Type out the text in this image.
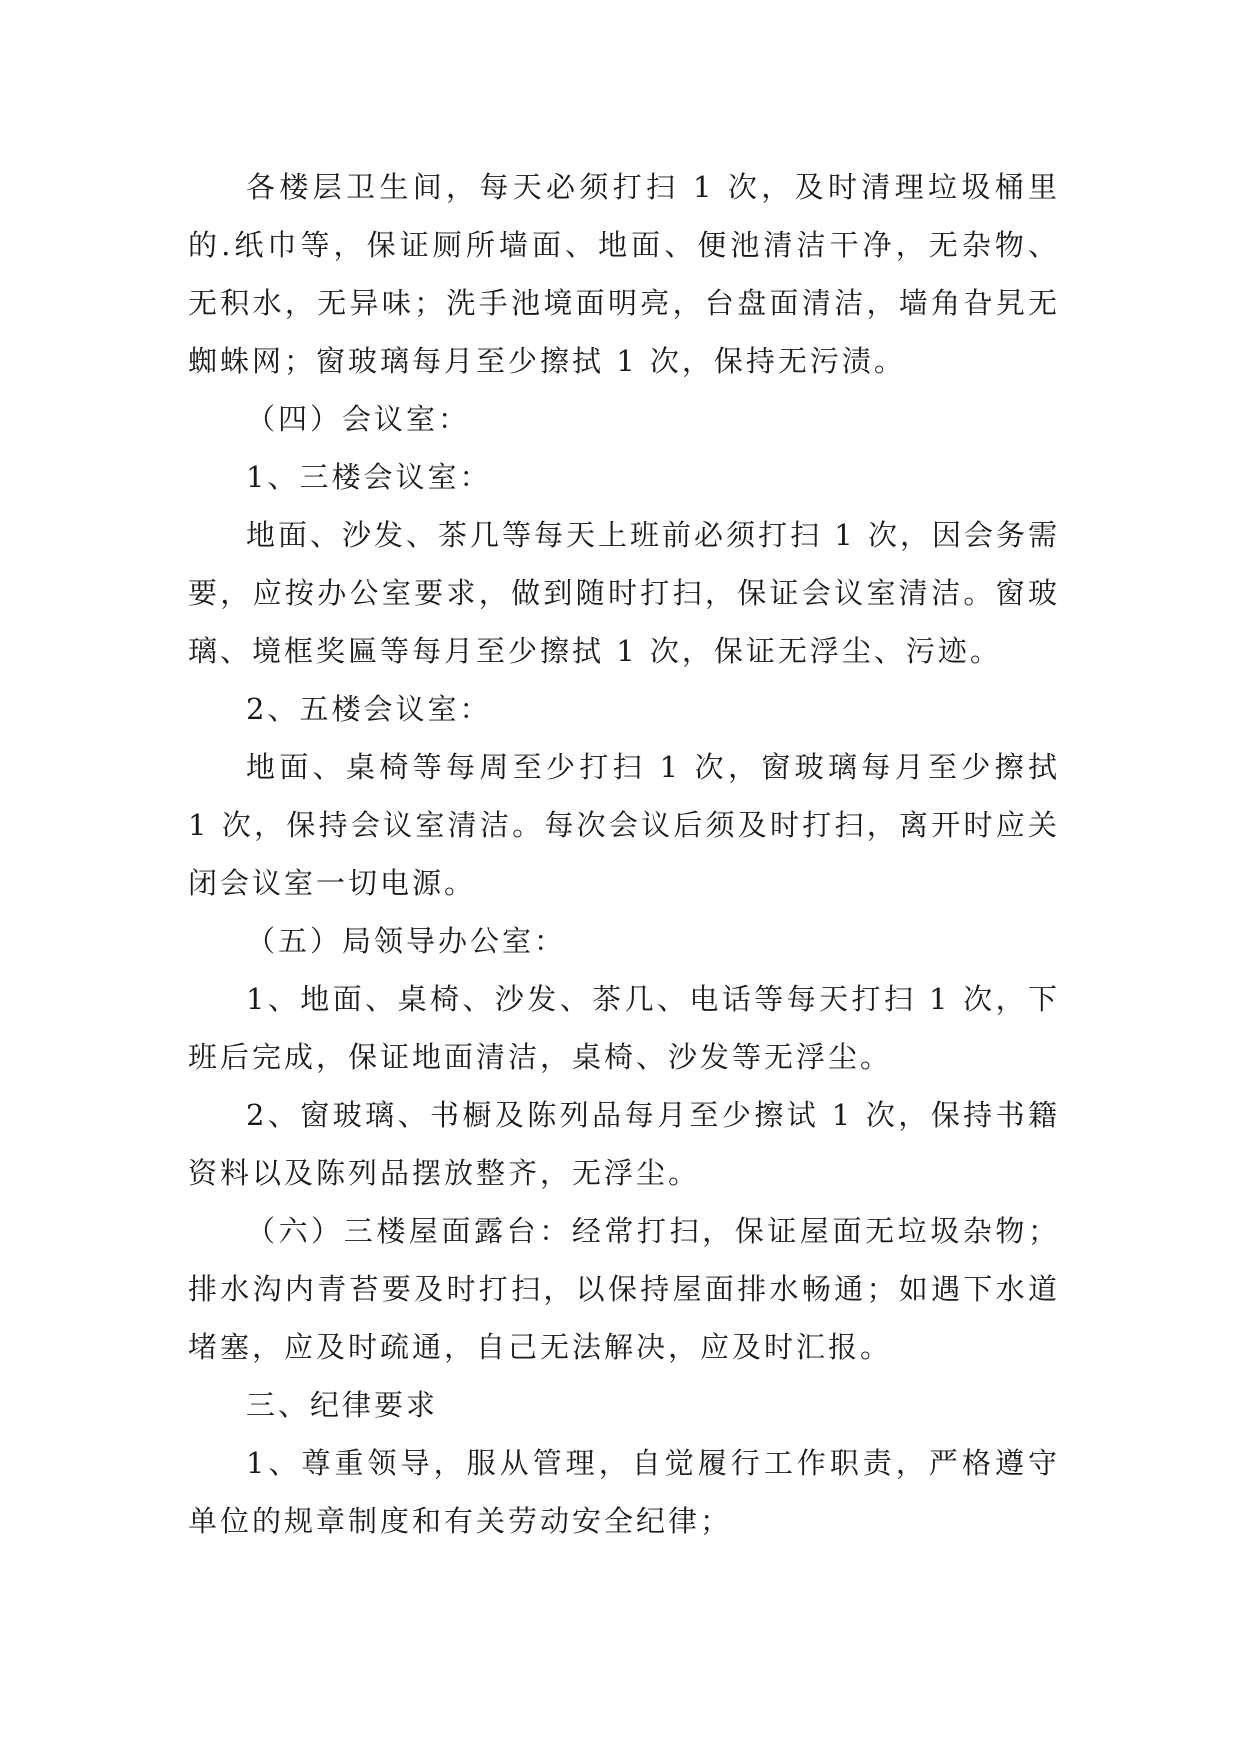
各楼层卫生间，每天必须打扫 1 次，及时清理垃圾桶里的.纸巾等，保证厕所墙面、地面、便池清洁干净，无杂物、无积水，无异味；洗手池境面明亮，台盘面清洁，墙角旮旯无蜘蛛网；窗玻璃每月至少擦拭 1 次，保持无污渍。

（四）会议室：

1、三楼会议室：

地面、沙发、茶几等每天上班前必须打扫 1 次，因会务需要，应按办公室要求，做到随时打扫，保证会议室清洁。窗玻璃、境框奖匾等每月至少擦拭 1 次，保证无浮尘、污迹。

2、五楼会议室：

地面、桌椅等每周至少打扫 1 次，窗玻璃每月至少擦拭 1 次，保持会议室清洁。每次会议后须及时打扫，离开时应关闭会议室一切电源。

（五）局领导办公室：

1、地面、桌椅、沙发、茶几、电话等每天打扫 1 次，下班后完成，保证地面清洁，桌椅、沙发等无浮尘。

2、窗玻璃、书橱及陈列品每月至少擦试 1 次，保持书籍资料以及陈列品摆放整齐，无浮尘。

（六）三楼屋面露台：经常打扫，保证屋面无垃圾杂物；排水沟内青苔要及时打扫，以保持屋面排水畅通；如遇下水道堵塞，应及时疏通，自己无法解决，应及时汇报。

三、纪律要求

1、尊重领导，服从管理，自觉履行工作职责，严格遵守单位的规章制度和有关劳动安全纪律；
